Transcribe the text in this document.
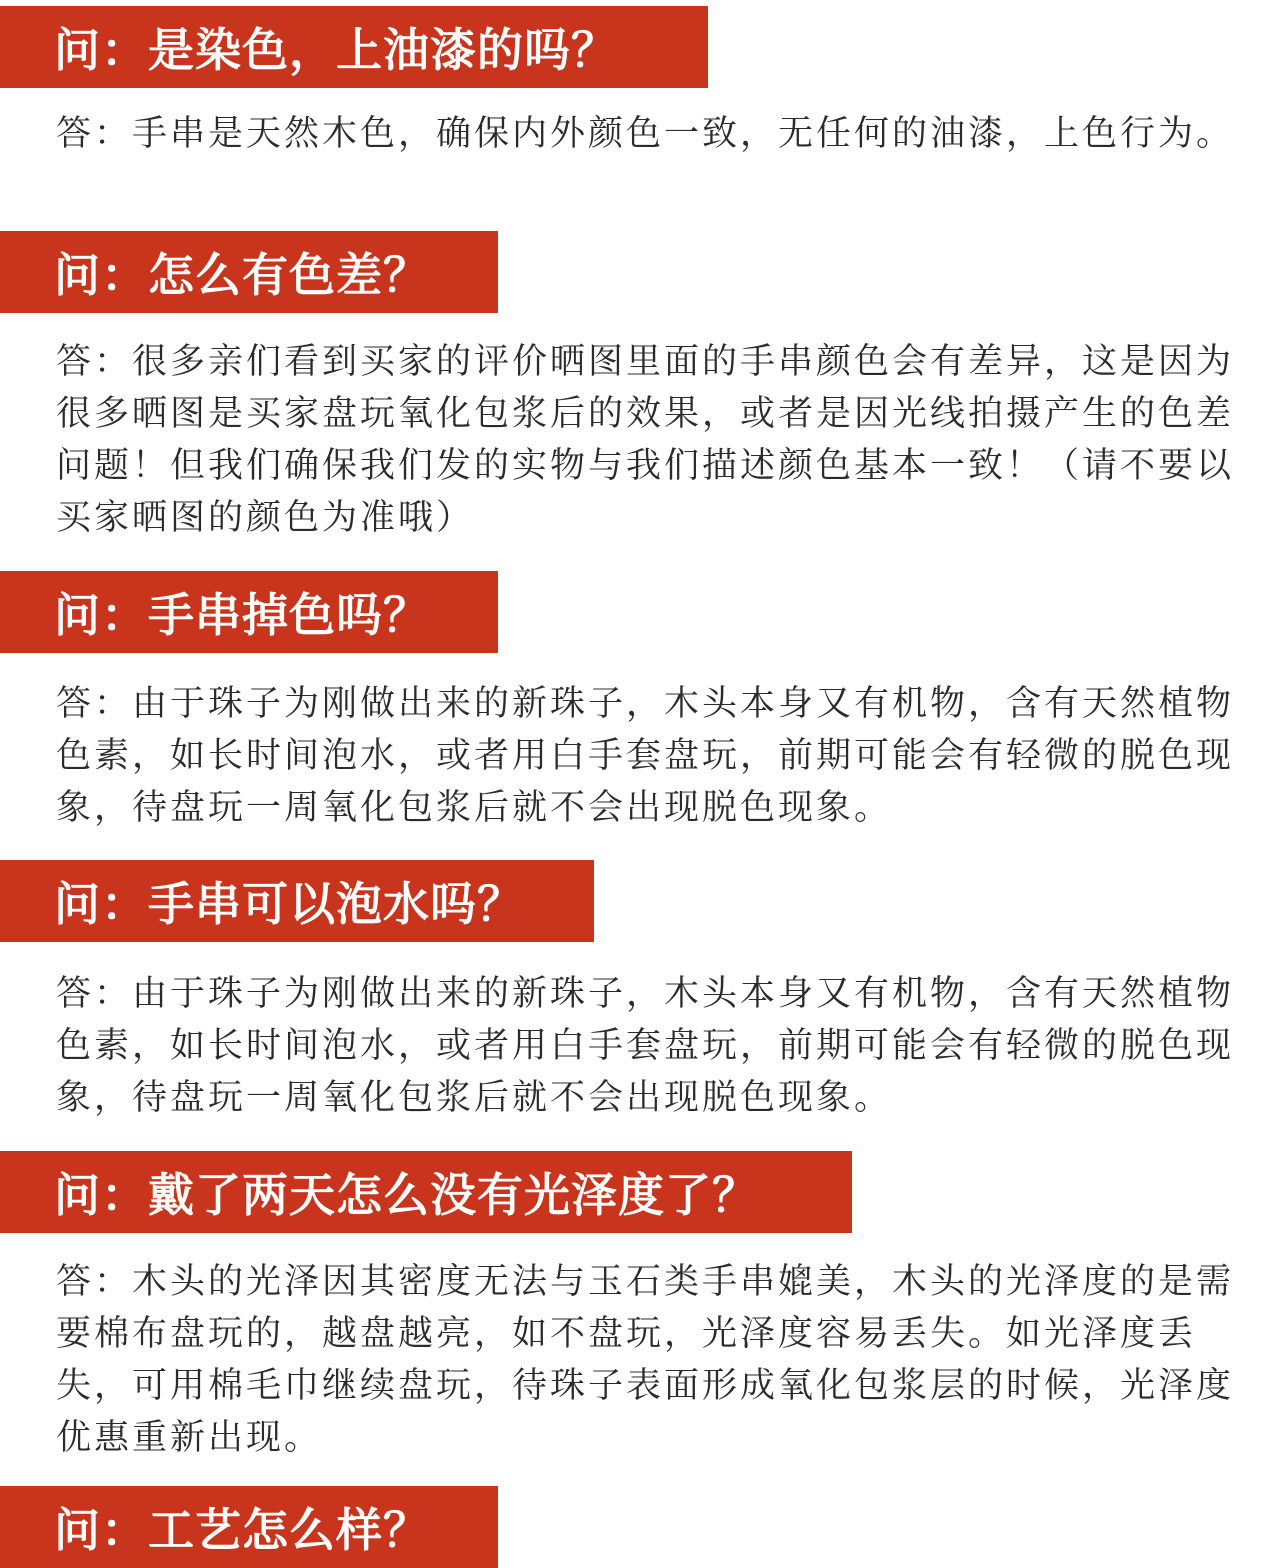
问：是染色，上油漆的吗？

答：手串是天然木色，确保内外颜色一致，无任何的油漆，上色行为。

问：怎么有色差？

答：很多亲们看到买家的评价晒图里面的手串颜色会有差异，这是因为很多晒图是买家盘玩氧化包浆后的效果，或者是因光线拍摄产生的色差问题！但我们确保我们发的实物与我们描述颜色基本一致！（请不要以买家晒图的颜色为准哦）

问：手串掉色吗？

答：由于珠子为刚做出来的新珠子，木头本身又有机物，含有天然植物色素，如长时间泡水，或者用白手套盘玩，前期可能会有轻微的脱色现象，待盘玩一周氧化包浆后就不会出现脱色现象。

问：手串可以泡水吗？

答：由于珠子为刚做出来的新珠子，木头本身又有机物，含有天然植物色素，如长时间泡水，或者用白手套盘玩，前期可能会有轻微的脱色现象，待盘玩一周氧化包浆后就不会出现脱色现象。

问：戴了两天怎么没有光泽度了？

答：木头的光泽因其密度无法与玉石类手串媲美，木头的光泽度的是需要棉布盘玩的，越盘越亮，如不盘玩，光泽度容易丢失。如光泽度丢失，可用棉毛巾继续盘玩，待珠子表面形成氧化包浆层的时候，光泽度优惠重新出现。

问：工艺怎么样？
